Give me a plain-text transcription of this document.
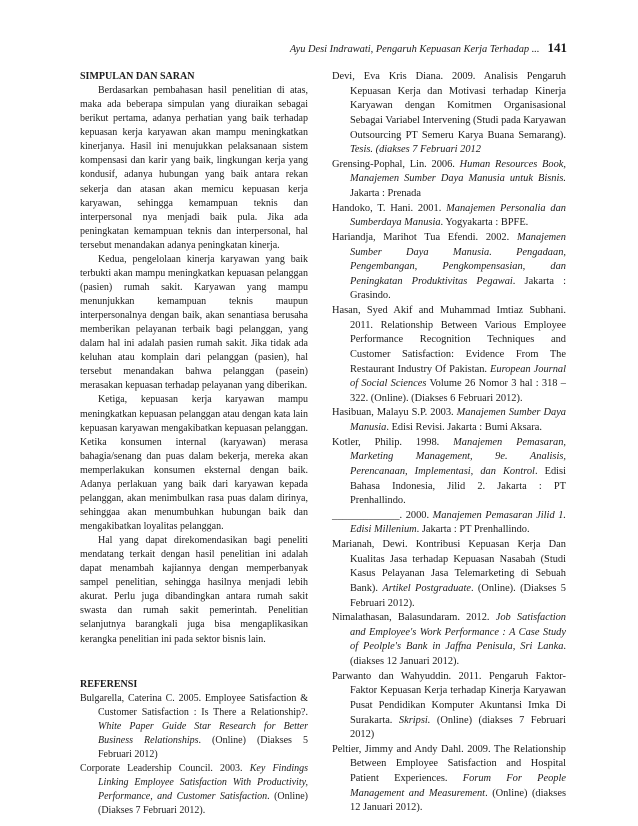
Ayu Desi Indrawati, Pengaruh Kepuasan Kerja Terhadap ... 141
SIMPULAN DAN SARAN

Berdasarkan pembahasan hasil penelitian di atas, maka ada beberapa simpulan yang diuraikan sebagai berikut pertama, adanya perhatian yang baik terhadap kepuasan kerja karyawan akan mampu meningkatkan kinerjanya. Hasil ini menujukkan pelaksanaan sistem kompensasi dan karir yang baik, lingkungan kerja yang kondusif, adanya hubungan yang baik antara rekan sekerja dan atasan akan memicu kepuasan kerja karyawan, sehingga kemampuan teknis dan interpersonal nya menjadi baik pula. Jika ada peningkatan kemampuan teknis dan interpersonal, hal tersebut menandakan adanya peningkatan kinerja.

Kedua, pengelolaan kinerja karyawan yang baik terbukti akan mampu meningkatkan kepuasan pelanggan (pasien) rumah sakit. Karyawan yang mampu menunjukkan kemampuan teknis maupun interpersonalnya dengan baik, akan senantiasa berusaha memberikan pelayanan terbaik bagi pelanggan, yang dalam hal ini adalah pasien rumah sakit. Jika tidak ada keluhan atau komplain dari pelanggan (pasien), hal tersebut menandakan bahwa pelanggan (pasein) merasakan kepuasan terhadap pelayanan yang diberikan.

Ketiga, kepuasan kerja karyawan mampu meningkatkan kepuasan pelanggan atau dengan kata lain kepuasan karyawan mengakibatkan kepuasan pelanggan. Ketika konsumen internal (karyawan) merasa bahagia/senang dan puas dalam bekerja, mereka akan memperlakukan konsumen eksternal dengan baik. Adanya perlakuan yang baik dari karyawan kepada pelanggan, akan menimbulkan rasa puas dalam dirinya, sehinggaa akan menumbuhkan hubungan baik dan mengakibatkan loyalitas pelanggan.

Hal yang dapat direkomendasikan bagi peneliti mendatang terkait dengan hasil penelitian ini adalah dapat menambah kajiannya dengan memperbanyak sampel penelitian, sehingga hasilnya menjadi lebih akurat. Perlu juga dibandingkan antara rumah sakit swasta dan rumah sakit pemerintah. Penelitian selanjutnya barangkali juga bisa mengaplikasikan kerangka penelitian ini pada sektor bisnis lain.

REFERENSI

Bulgarella, Caterina C. 2005. Employee Satisfaction & Customer Satisfaction : Is There a Relationship?. White Paper Guide Star Research for Better Business Relationships. (Online) (Diakses 5 Februari 2012)

Corporate Leadership Council. 2003. Key Findings Linking Employee Satisfaction With Productivity, Performance, and Customer Satisfaction. (Online) (Diakses 7 Februari 2012).

Devi, Eva Kris Diana. 2009. Analisis Pengaruh Kepuasan Kerja dan Motivasi terhadap Kinerja Karyawan dengan Komitmen Organisasional Sebagai Variabel Intervening (Studi pada Karyawan Outsourcing PT Semeru Karya Buana Semarang). Tesis. (diakses 7 Februari 2012

Grensing-Pophal, Lin. 2006. Human Resources Book, Manajemen Sumber Daya Manusia untuk Bisnis. Jakarta : Prenada

Handoko, T. Hani. 2001. Manajemen Personalia dan Sumberdaya Manusia. Yogyakarta : BPFE.

Hariandja, Marihot Tua Efendi. 2002. Manajemen Sumber Daya Manusia. Pengadaan, Pengembangan, Pengkompensasian, dan Peningkatan Produktivitas Pegawai. Jakarta : Grasindo.

Hasan, Syed Akif and Muhammad Imtiaz Subhani. 2011. Relationship Between Various Employee Performance Recognition Techniques and Customer Satisfaction: Evidence From The Restaurant Industry Of Pakistan. European Journal of Social Sciences Volume 26 Nomor 3 hal : 318 – 322. (Online). (Diakses 6 Februari 2012).

Hasibuan, Malayu S.P. 2003. Manajemen Sumber Daya Manusia. Edisi Revisi. Jakarta : Bumi Aksara.

Kotler, Philip. 1998. Manajemen Pemasaran, Marketing Management, 9e. Analisis, Perencanaan, Implementasi, dan Kontrol. Edisi Bahasa Indonesia, Jilid 2. Jakarta : PT Prenhallindo.

_____________. 2000. Manajemen Pemasaran Jilid 1. Edisi Millenium. Jakarta : PT Prenhallindo.

Marianah, Dewi. Kontribusi Kepuasan Kerja Dan Kualitas Jasa terhadap Kepuasan Nasabah (Studi Kasus Pelayanan Jasa Telemarketing di Sebuah Bank). Artikel Postgraduate. (Online). (Diakses 5 Februari 2012).

Nimalathasan, Balasundaram. 2012. Job Satisfaction and Employee's Work Performance : A Case Study of Peolple's Bank in Jaffna Penisula, Sri Lanka. (diakses 12 Januari 2012).

Parwanto dan Wahyuddin. 2011. Pengaruh Faktor-Faktor Kepuasan Kerja terhadap Kinerja Karyawan Pusat Pendidikan Komputer Akuntansi Imka Di Surakarta. Skripsi. (Online) (diakses 7 Februari 2012)

Peltier, Jimmy and Andy Dahl. 2009. The Relationship Between Employee Satisfaction and Hospital Patient Experiences. Forum For People Management and Measurement. (Online) (diakses 12 Januari 2012).
